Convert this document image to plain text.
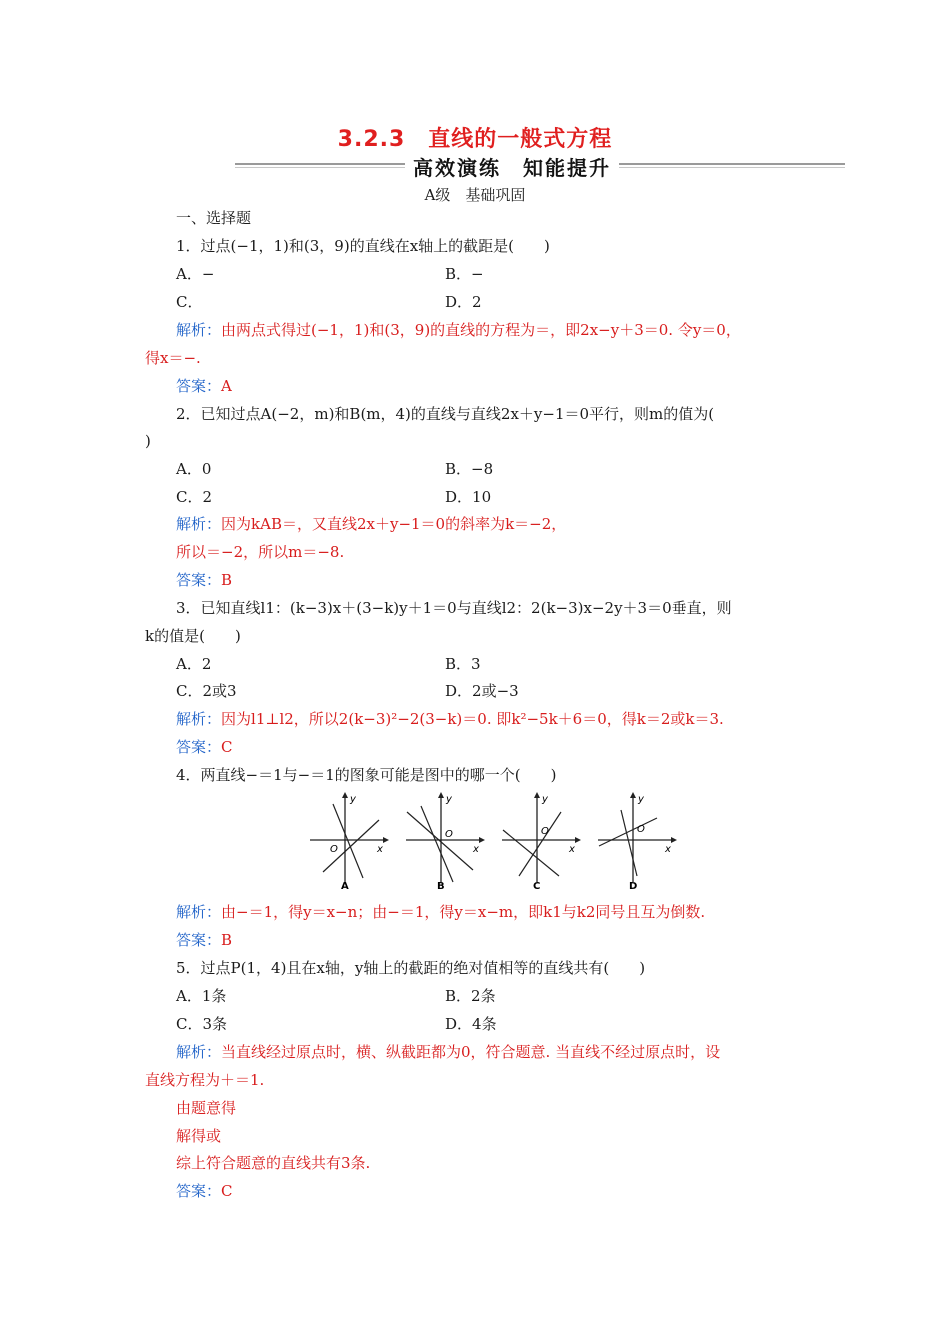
3.2.3　直线的一般式方程
高效演练　知能提升
A级　基础巩固
一、选择题
1．过点(−1，1)和(3，9)的直线在x轴上的截距是(　　)
A．−	B．−
C．	D．2
解析：由两点式得过(−1，1)和(3，9)的直线的方程为＝，即2x−y＋3＝0. 令y＝0，
得x＝−.
答案：A
2．已知过点A(−2，m)和B(m，4)的直线与直线2x＋y−1＝0平行，则m的值为(
)
A．0	B．−8
C．2	D．10
解析：因为kAB＝，又直线2x＋y−1＝0的斜率为k＝−2，
所以＝−2，所以m＝−8.
答案：B
3．已知直线l1：(k−3)x＋(3−k)y＋1＝0与直线l2：2(k−3)x−2y＋3＝0垂直，则
k的值是(　　)
A．2	B．3
C．2或3	D．2或−3
解析：因为l1⊥l2，所以2(k−3)²−2(3−k)＝0. 即k²−5k＋6＝0，得k＝2或k＝3.
答案：C
4．两直线−＝1与−＝1的图象可能是图中的哪一个(　　)
y
x
O
A
y
x
O
B
y
x
O
C
y
x
O
D
解析：由−＝1，得y＝x−n；由−＝1，得y＝x−m，即k1与k2同号且互为倒数.
答案：B
5．过点P(1，4)且在x轴，y轴上的截距的绝对值相等的直线共有(　　)
A．1条	B．2条
C．3条	D．4条
解析：当直线经过原点时，横、纵截距都为0，符合题意. 当直线不经过原点时，设
直线方程为＋＝1.
由题意得
解得或
综上符合题意的直线共有3条.
答案：C
